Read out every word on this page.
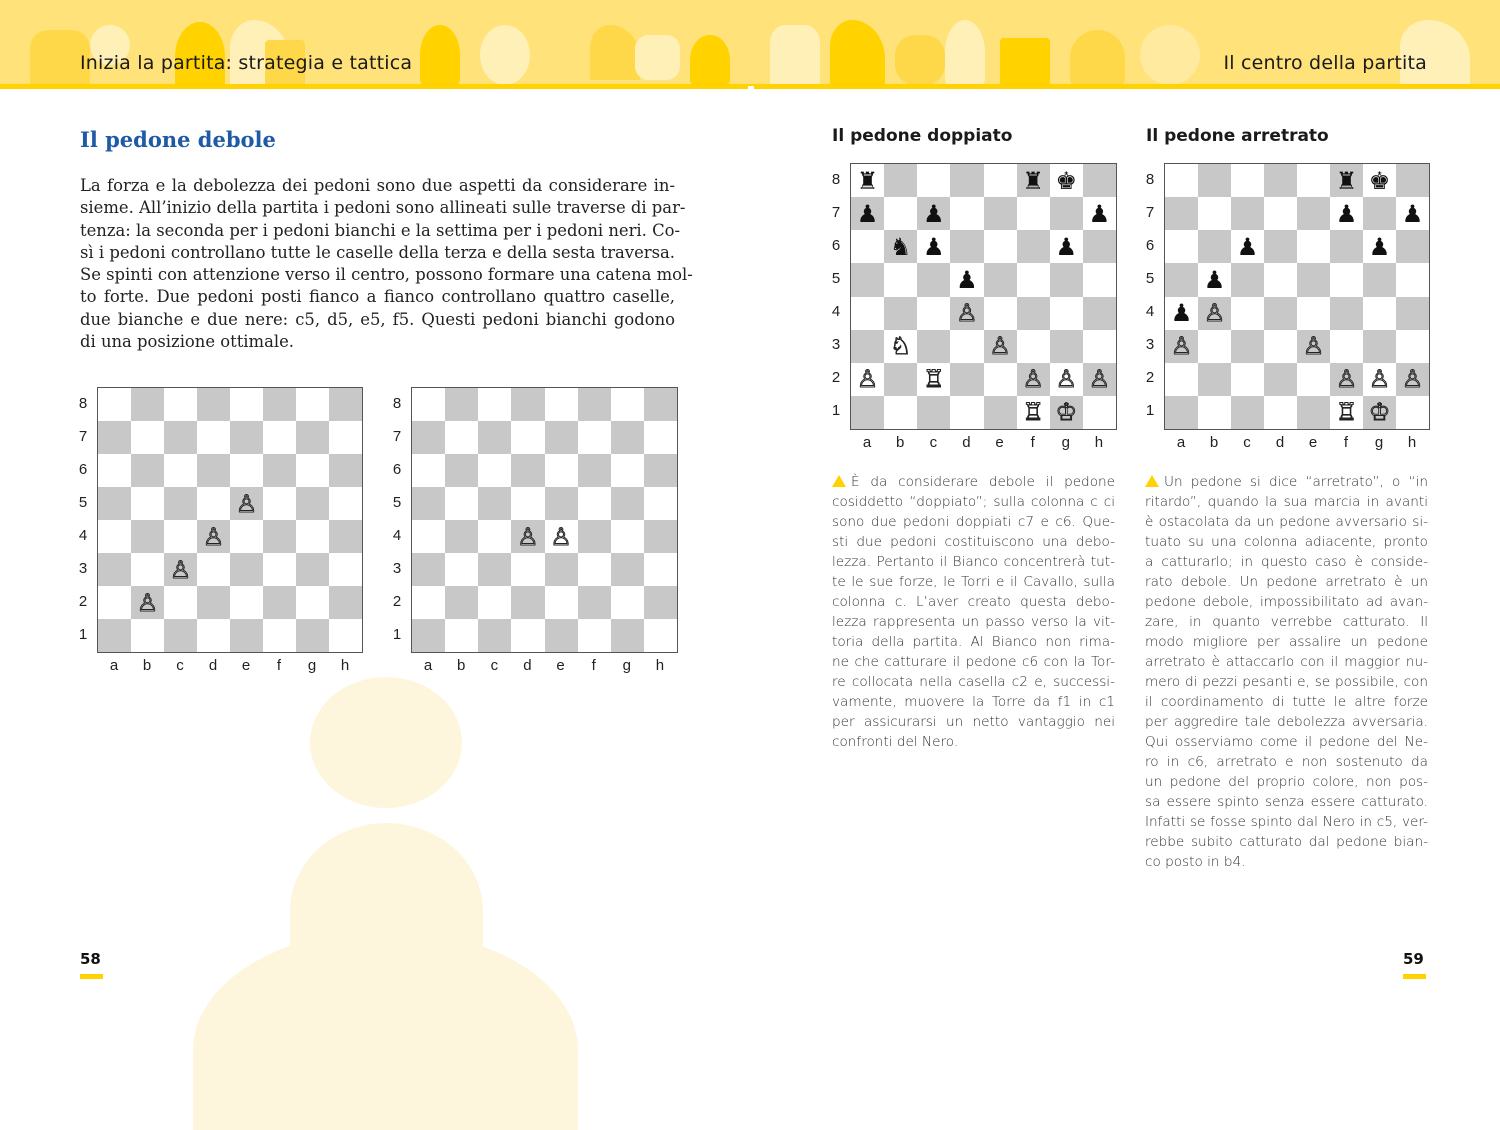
Inizia la partita: strategia e tattica	Il centro della partita
Il pedone debole
La forza e la debolezza dei pedoni sono due aspetti da considerare in-
sieme. All’inizio della partita i pedoni sono allineati sulle traverse di par-
tenza: la seconda per i pedoni bianchi e la settima per i pedoni neri. Co-
sì i pedoni controllano tutte le caselle della terza e della sesta traversa.
Se spinti con attenzione verso il centro, possono formare una catena mol-
to forte. Due pedoni posti fianco a fianco controllano quattro caselle,
due bianche e due nere: c5, d5, e5, f5. Questi pedoni bianchi godono
di una posizione ottimale.
♙
♙
♙
♙
♙ ♙
Il pedone doppiato	Il pedone arretrato
♜	♜ ♚
♟ ♟	♟
♞ ♟	♟
♟
♙
♘	♙
♙ ♖	♙ ♙ ♙
♖ ♔
♜ ♚
♟ ♟
♟	♟
♟
♟ ♙
♙	♙
♙ ♙ ♙
♖ ♔
È da considerare debole il pedone
cosiddetto “doppiato”; sulla colonna c ci
sono due pedoni doppiati c7 e c6. Que-
sti due pedoni costituiscono una debo-
lezza. Pertanto il Bianco concentrerà tut-
te le sue forze, le Torri e il Cavallo, sulla
colonna c. L’aver creato questa debo-
lezza rappresenta un passo verso la vit-
toria della partita. Al Bianco non rima-
ne che catturare il pedone c6 con la Tor-
re collocata nella casella c2 e, successi-
vamente, muovere la Torre da f1 in c1
per assicurarsi un netto vantaggio nei
confronti del Nero.
Un pedone si dice “arretrato”, o “in
ritardo”, quando la sua marcia in avanti
è ostacolata da un pedone avversario si-
tuato su una colonna adiacente, pronto
a catturarlo; in questo caso è conside-
rato debole. Un pedone arretrato è un
pedone debole, impossibilitato ad avan-
zare, in quanto verrebbe catturato. Il
modo migliore per assalire un pedone
arretrato è attaccarlo con il maggior nu-
mero di pezzi pesanti e, se possibile, con
il coordinamento di tutte le altre forze
per aggredire tale debolezza avversaria.
Qui osserviamo come il pedone del Ne-
ro in c6, arretrato e non sostenuto da
un pedone del proprio colore, non pos-
sa essere spinto senza essere catturato.
Infatti se fosse spinto dal Nero in c5, ver-
rebbe subito catturato dal pedone bian-
co posto in b4.
58	59
8
7
6
5
4
3
2
1
a	b	c	d	e	f	g	h
8
7
6
5
4
3
2
1
a	b	c	d	e	f	g	h
8
7
6
5
4
3
2
1
a	b	c	d	e	f	g	h
8
7
6
5
4
3
2
1
a	b	c	d	e	f	g	h
